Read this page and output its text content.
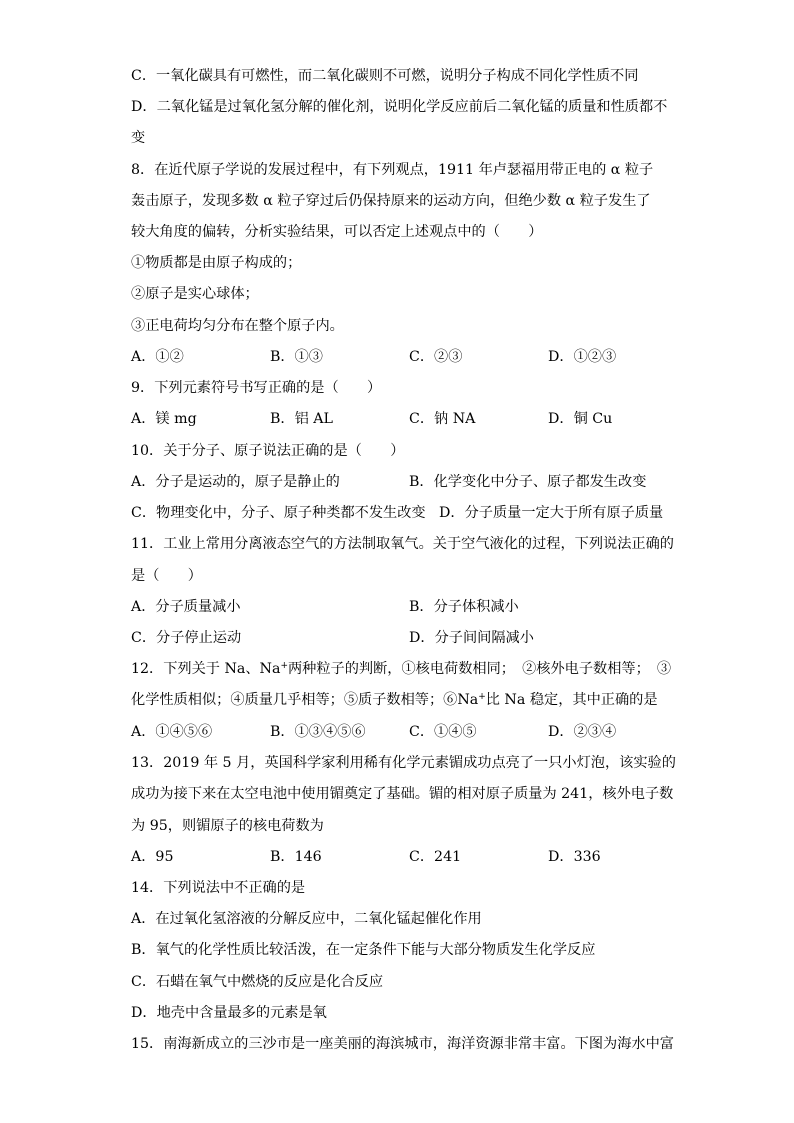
C．一氧化碳具有可燃性，而二氧化碳则不可燃，说明分子构成不同化学性质不同
D．二氧化锰是过氧化氢分解的催化剂，说明化学反应前后二氧化锰的质量和性质都不
变
8．在近代原子学说的发展过程中，有下列观点，1911 年卢瑟福用带正电的 α 粒子
轰击原子，发现多数 α 粒子穿过后仍保持原来的运动方向，但绝少数 α 粒子发生了
较大角度的偏转，分析实验结果，可以否定上述观点中的（　　）
①物质都是由原子构成的；
②原子是实心球体；
③正电荷均匀分布在整个原子内。
A．①②	B．①③	C．②③	D．①②③
9．下列元素符号书写正确的是（　　）
A．镁 mg	B．铝 AL	C．钠 NA	D．铜 Cu
10．关于分子、原子说法正确的是（　　）
A．分子是运动的，原子是静止的	B．化学变化中分子、原子都发生改变
C．物理变化中，分子、原子种类都不发生改变 D．分子质量一定大于所有原子质量
11．工业上常用分离液态空气的方法制取氧气。关于空气液化的过程，下列说法正确的
是（　　）
A．分子质量减小	B．分子体积减小
C．分子停止运动	D．分子间间隔减小
12．下列关于 Na、Na+两种粒子的判断，①核电荷数相同；　②核外电子数相等；　③
化学性质相似；④质量几乎相等；⑤质子数相等；⑥Na+比 Na 稳定，其中正确的是
A．①④⑤⑥	B．①③④⑤⑥	C．①④⑤	D．②③④
13．2019 年 5 月，英国科学家利用稀有化学元素镅成功点亮了一只小灯泡，该实验的
成功为接下来在太空电池中使用镅奠定了基础。镅的相对原子质量为 241，核外电子数
为 95，则镅原子的核电荷数为
A．95	B．146	C．241	D．336
14．下列说法中不正确的是
A．在过氧化氢溶液的分解反应中，二氧化锰起催化作用
B．氧气的化学性质比较活泼，在一定条件下能与大部分物质发生化学反应
C．石蜡在氧气中燃烧的反应是化合反应
D．地壳中含量最多的元素是氧
15．南海新成立的三沙市是一座美丽的海滨城市，海洋资源非常丰富。下图为海水中富
